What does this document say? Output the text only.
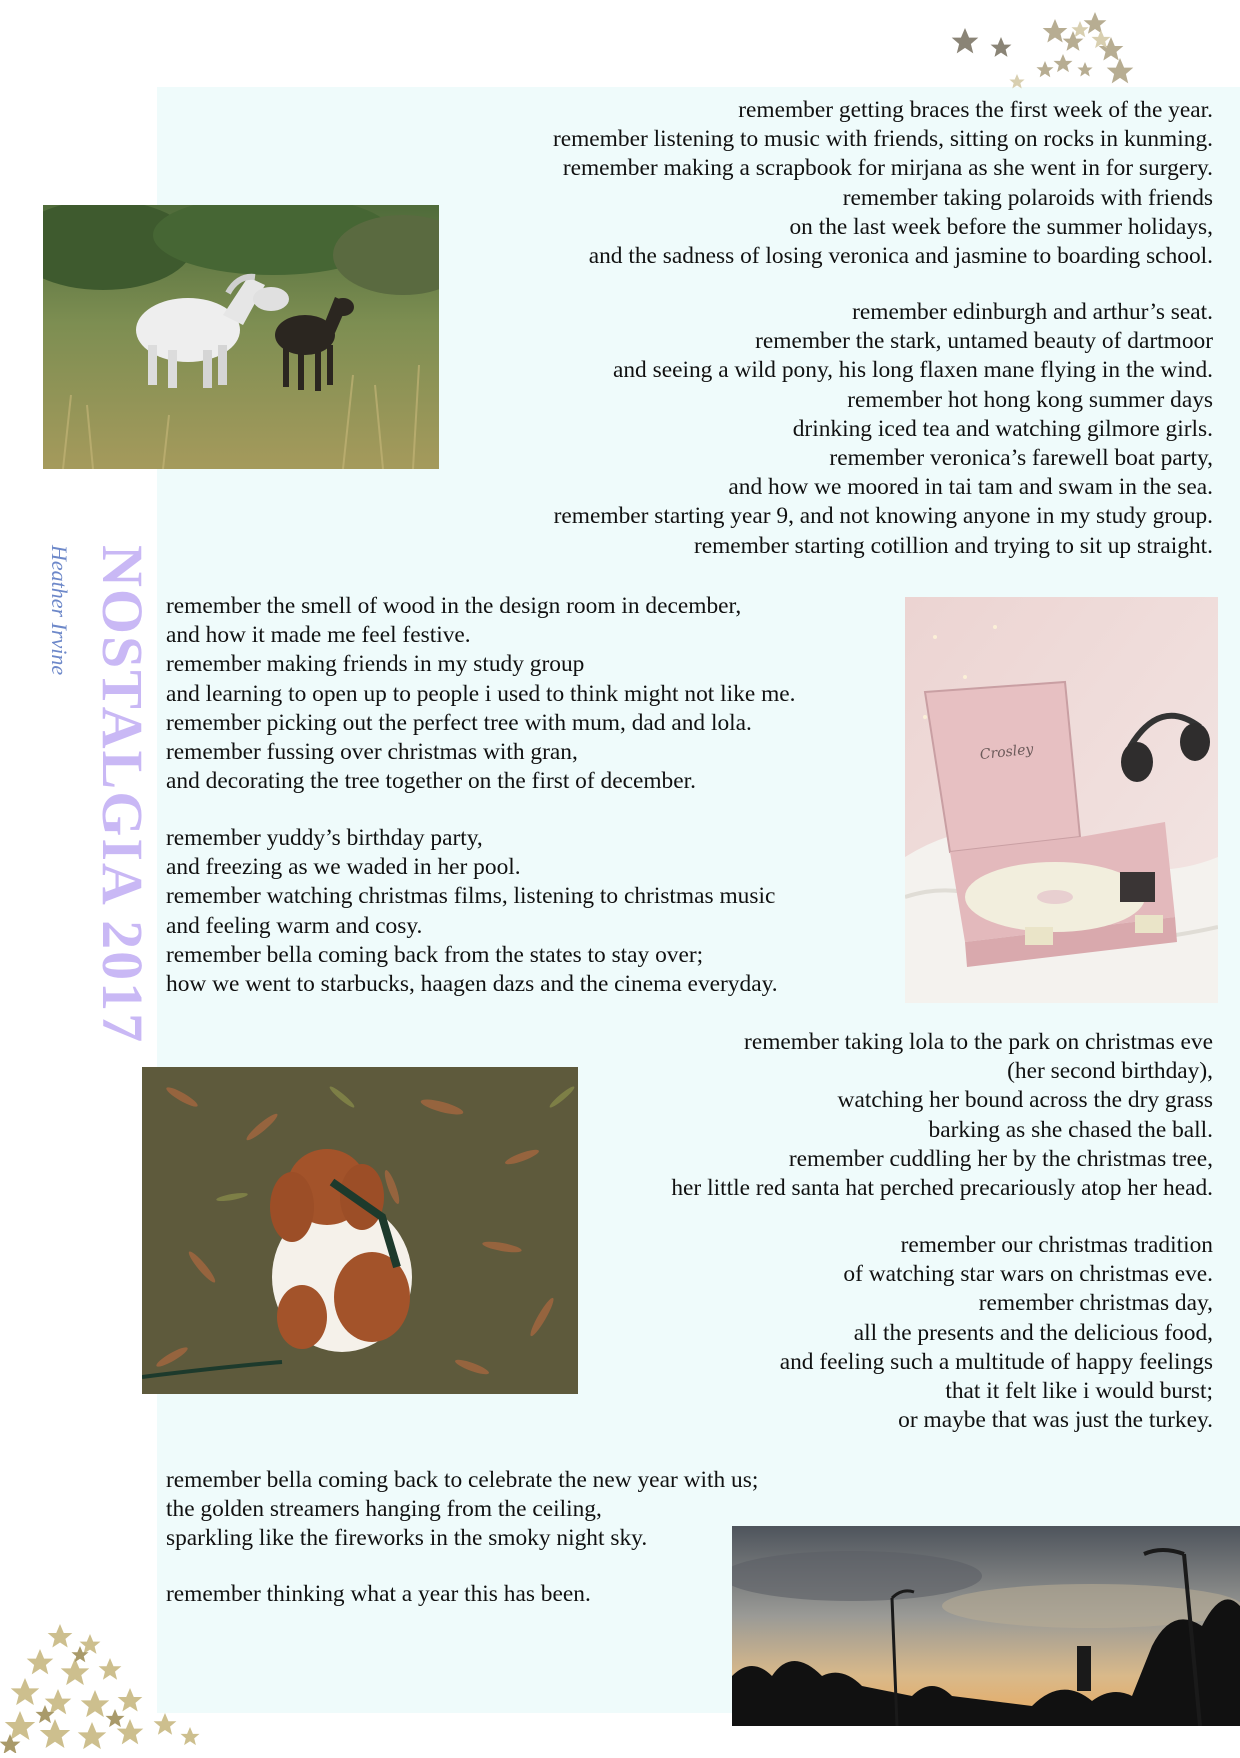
remember getting braces the first week of the year.
remember listening to music with friends, sitting on rocks in kunming.
remember making a scrapbook for mirjana as she went in for surgery.
remember taking polaroids with friends
on the last week before the summer holidays,
and the sadness of losing veronica and jasmine to boarding school.
remember edinburgh and arthur’s seat.
remember the stark, untamed beauty of dartmoor
and seeing a wild pony, his long flaxen mane flying in the wind.
remember hot hong kong summer days
drinking iced tea and watching gilmore girls.
remember veronica’s farewell boat party,
and how we moored in tai tam and swam in the sea.
remember starting year 9, and not knowing anyone in my study group.
remember starting cotillion and trying to sit up straight.
remember the smell of wood in the design room in december,
and how it made me feel festive.
remember making friends in my study group
and learning to open up to people i used to think might not like me.
remember picking out the perfect tree with mum, dad and lola.
remember fussing over christmas with gran,
and decorating the tree together on the first of december.
remember yuddy’s birthday party,
and freezing as we waded in her pool.
remember watching christmas films, listening to christmas music
and feeling warm and cosy.
remember bella coming back from the states to stay over;
how we went to starbucks, haagen dazs and the cinema everyday.
remember taking lola to the park on christmas eve
(her second birthday),
watching her bound across the dry grass
barking as she chased the ball.
remember cuddling her by the christmas tree,
her little red santa hat perched precariously atop her head.
remember our christmas tradition
of watching star wars on christmas eve.
remember christmas day,
all the presents and the delicious food,
and feeling such a multitude of happy feelings
that it felt like i would burst;
or maybe that was just the turkey.
remember bella coming back to celebrate the new year with us;
the golden streamers hanging from the ceiling,
sparkling like the fireworks in the smoky night sky.
remember thinking what a year this has been.
NOSTALGIA 2017
Heather Irvine
Crosley
